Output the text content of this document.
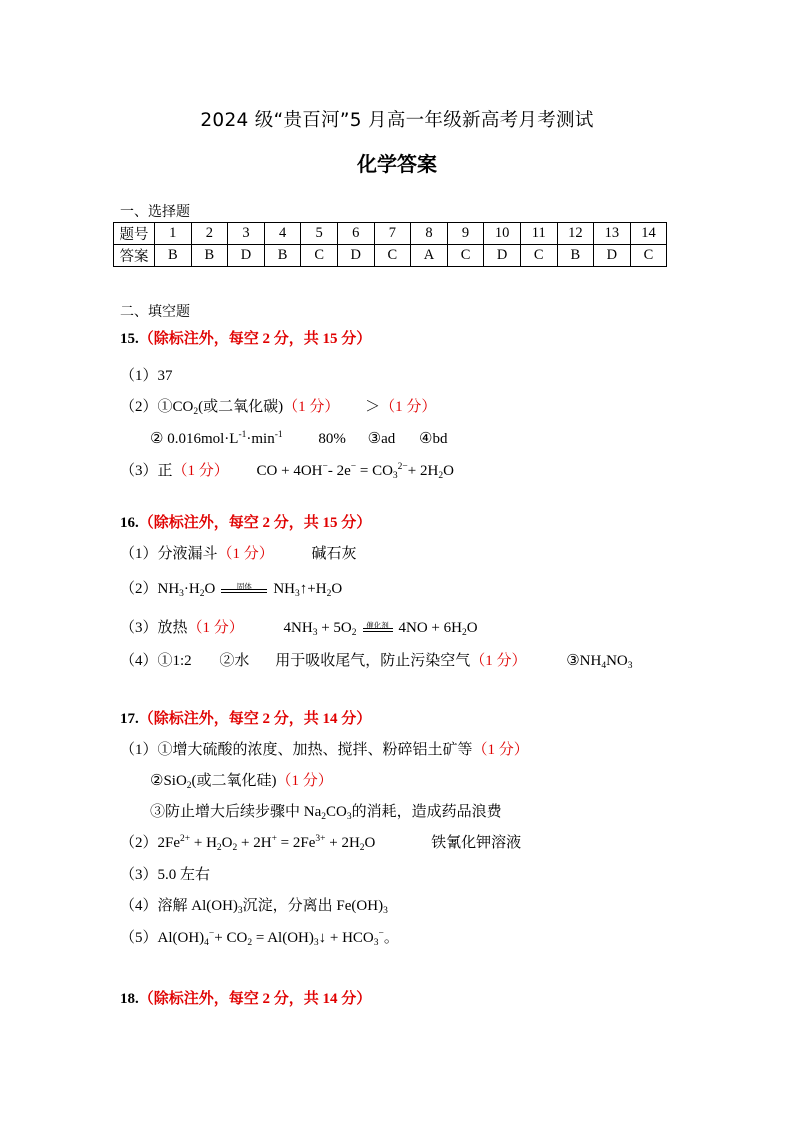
2024 级“贵百河”5 月高一年级新高考月考测试
化学答案
一、选择题
题号	1	2	3	4	5	6	7	8	9	10	11	12	13	14
答案	B	B	D	B	C	D	C	A	C	D	C	B	D	C
二、填空题
15.（除标注外，每空 2 分，共 15 分）
（1）37
$(2)①CO_2$(或二氧化碳)（1 分） ＞（1 分）
② $0.016mol\cdot L^{-1}\cdot\min^{-1}$ 80% ③ad ④bd
（3）正（1 分） CO + 4OH−- $2e^- = CO_3^{2-}+ 2H_2O$
16.（除标注外，每空 2 分，共 15 分）
（1）分液漏斗（1 分）	碱石灰
$(2)NH_3\cdot H_2O$	固体	$NH_3↑+H_2O$
（3）放热（1 分）	$4NH_3 + 5O_2$
催化剂 $4NO + 6H_2O$
（4）①1:2 ②水 用于吸收尾气，防止污染空气（1 分）	$③NH_4NO_3$
17.（除标注外，每空 2 分，共 14 分）
（1）①增大硫酸的浓度、加热、搅拌、粉碎铝土矿等（1 分）
②SiO$_2$(或二氧化硅)（1 分）
③防止增大后续步骤中 $Na_2CO_3$的消耗，造成药品浪费
$(2)2Fe^{2+} + H_2O_2 + 2H^+ = 2Fe^{3+} + 2H_2O$	铁氰化钾溶液
（3）5.0 左右
（4）溶解 $Al(OH)_3$沉淀，分离出 $Fe(OH)_3$
$(5)Al(OH)_4^-+ CO_2$ = $Al(OH)_3↓ + HCO_3^-$。
18.（除标注外，每空 2 分，共 14 分）
